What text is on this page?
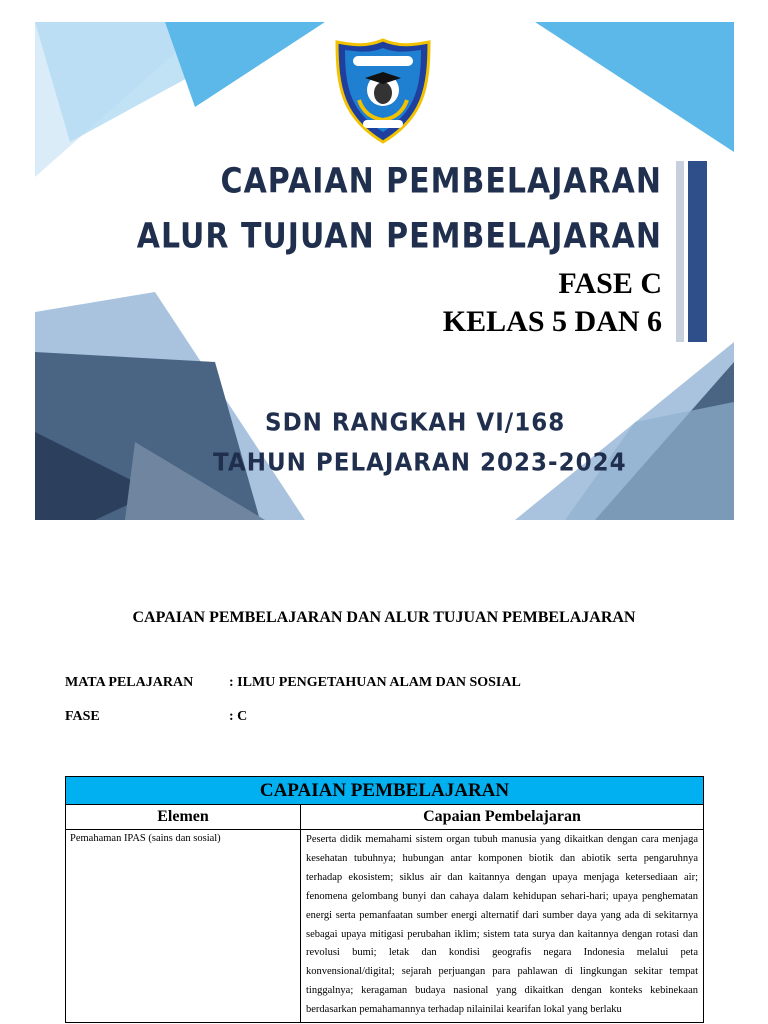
CAPAIAN PEMBELAJARAN
ALUR TUJUAN PEMBELAJARAN

FASE C

KELAS 5 DAN 6

SDN RANGKAH VI/168

TAHUN PELAJARAN 2023-2024

CAPAIAN PEMBELAJARAN DAN ALUR TUJUAN PEMBELAJARAN

MATA PELAJARAN	: ILMU PENGETAHUAN ALAM DAN SOSIAL

FASE	: C

CAPAIAN PEMBELAJARAN	
Elemen	Capaian Pembelajaran
Pemahaman IPAS (sains dan sosial)	Peserta didik memahami sistem organ tubuh manusia yang dikaitkan dengan cara menjaga kesehatan tubuhnya; hubungan antar komponen biotik dan abiotik serta pengaruhnya terhadap ekosistem; siklus air dan kaitannya dengan upaya menjaga ketersediaan air; fenomena gelombang bunyi dan cahaya dalam kehidupan sehari-hari; upaya penghematan energi serta pemanfaatan sumber energi alternatif dari sumber daya yang ada di sekitarnya sebagai upaya mitigasi perubahan iklim; sistem tata surya dan kaitannya dengan rotasi dan revolusi bumi; letak dan kondisi geografis negara Indonesia melalui peta konvensional/digital; sejarah perjuangan para pahlawan di lingkungan sekitar tempat tinggalnya; keragaman budaya nasional yang dikaitkan dengan konteks kebinekaan berdasarkan pemahamannya terhadap nilainilai kearifan lokal yang berlaku
